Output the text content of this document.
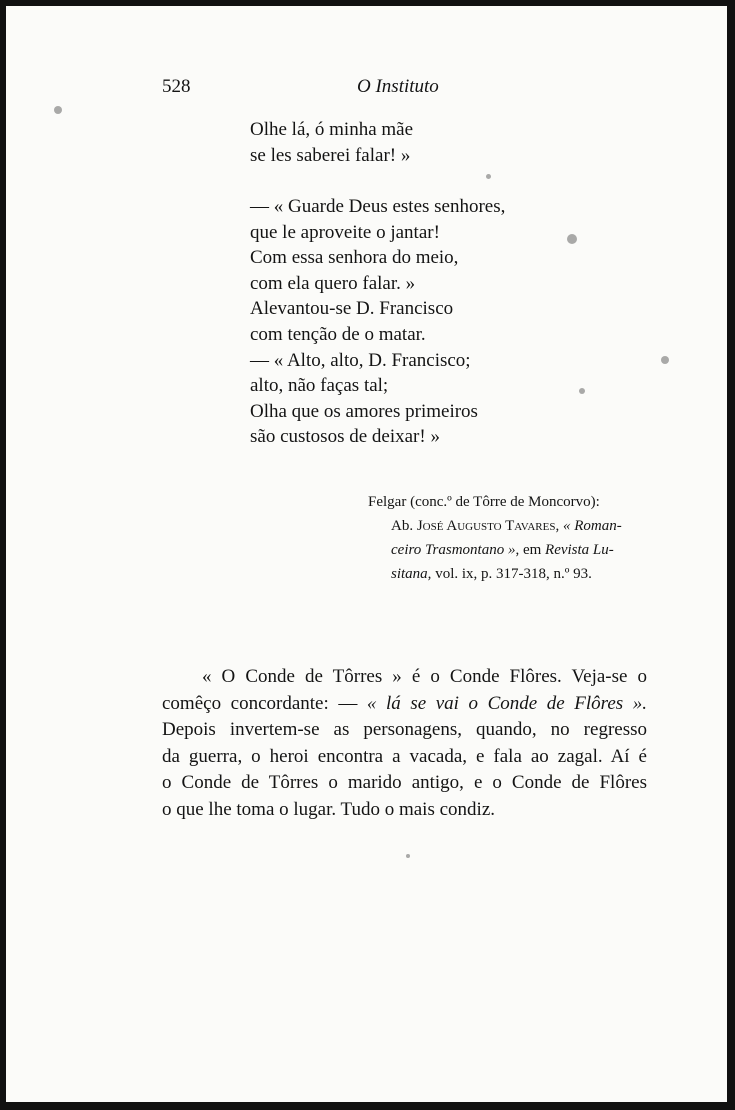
528	O Instituto
Olhe lá, ó minha mãe
se les saberei falar! »
— « Guarde Deus estes senhores,
que le aproveite o jantar!
Com essa senhora do meio,
com ela quero falar. »
Alevantou-se D. Francisco
com tenção de o matar.
— « Alto, alto, D. Francisco;
alto, não faças tal;
Olha que os amores primeiros
são custosos de deixar! »
Felgar (conc.º de Tôrre de Moncorvo):
Ab. José Augusto Tavares, « Roman-
ceiro Trasmontano », em Revista Lu-
sitana, vol. ix, p. 317-318, n.º 93.
« O Conde de Tôrres » é o Conde Flôres. Veja-se o
comêço concordante: — « lá se vai o Conde de Flôres ».
Depois invertem-se as personagens, quando, no regresso
da guerra, o heroi encontra a vacada, e fala ao zagal. Aí é
o Conde de Tôrres o marido antigo, e o Conde de Flôres
o que lhe toma o lugar. Tudo o mais condiz.
